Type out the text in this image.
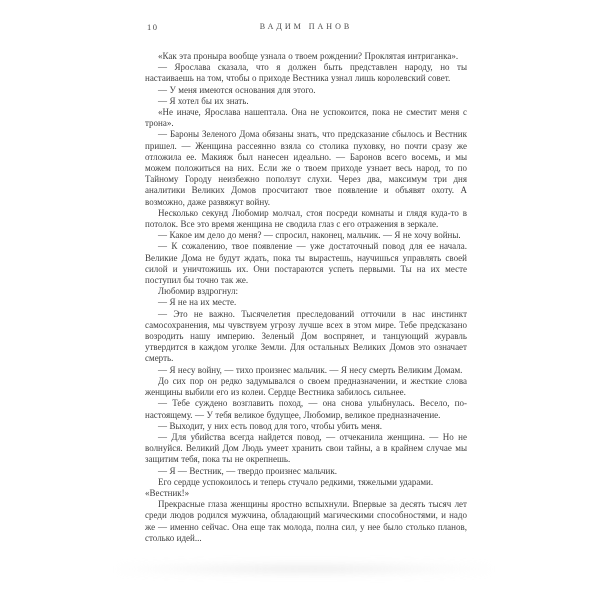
10	ВАДИМ ПАНОВ

«Как эта проныра вообще узнала о твоем рождении? Проклятая интриганка».

— Ярослава сказала, что я должен быть представлен народу, но ты настаиваешь на том, чтобы о приходе Вестника узнал лишь королевский совет.

— У меня имеются основания для этого.

— Я хотел бы их знать.

«Не иначе, Ярослава нашептала. Она не успокоится, пока не сместит меня с трона».

— Бароны Зеленого Дома обязаны знать, что предсказание сбылось и Вестник пришел. — Женщина рассеянно взяла со столика пуховку, но почти сразу же отложила ее. Макияж был нанесен идеально. — Баронов всего восемь, и мы можем положиться на них. Если же о твоем приходе узнает весь народ, то по Тайному Городу неизбежно поползут слухи. Через два, максимум три дня аналитики Великих Домов просчитают твое появление и объявят охоту. А возможно, даже развяжут войну.

Несколько секунд Любомир молчал, стоя посреди комнаты и глядя куда-то в потолок. Все это время женщина не сводила глаз с его отражения в зеркале.

— Какое им дело до меня? — спросил, наконец, мальчик. — Я не хочу войны.

— К сожалению, твое появление — уже достаточный повод для ее начала. Великие Дома не будут ждать, пока ты вырастешь, научишься управлять своей силой и уничтожишь их. Они постараются успеть первыми. Ты на их месте поступил бы точно так же.

Любомир вздрогнул:

— Я не на их месте.

— Это не важно. Тысячелетия преследований отточили в нас инстинкт самосохранения, мы чувствуем угрозу лучше всех в этом мире. Тебе предсказано возродить нашу империю. Зеленый Дом воспрянет, и танцующий журавль утвердится в каждом уголке Земли. Для остальных Великих Домов это означает смерть.

— Я несу войну, — тихо произнес мальчик. — Я несу смерть Великим Домам.

До сих пор он редко задумывался о своем предназначении, и жесткие слова женщины выбили его из колеи. Сердце Вестника забилось сильнее.

— Тебе суждено возглавить поход, — она снова улыбнулась. Весело, по-настоящему. — У тебя великое будущее, Любомир, великое предназначение.

— Выходит, у них есть повод для того, чтобы убить меня.

— Для убийства всегда найдется повод, — отчеканила женщина. — Но не волнуйся. Великий Дом Людь умеет хранить свои тайны, а в крайнем случае мы защитим тебя, пока ты не окрепнешь.

— Я — Вестник, — твердо произнес мальчик.

Его сердце успокоилось и теперь стучало редкими, тяжелыми ударами.

«Вестник!»

Прекрасные глаза женщины яростно вспыхнули. Впервые за десять тысяч лет среди людов родился мужчина, обладающий магическими способностями, и надо же — именно сейчас. Она еще так молода, полна сил, у нее было столько планов, столько идей...
